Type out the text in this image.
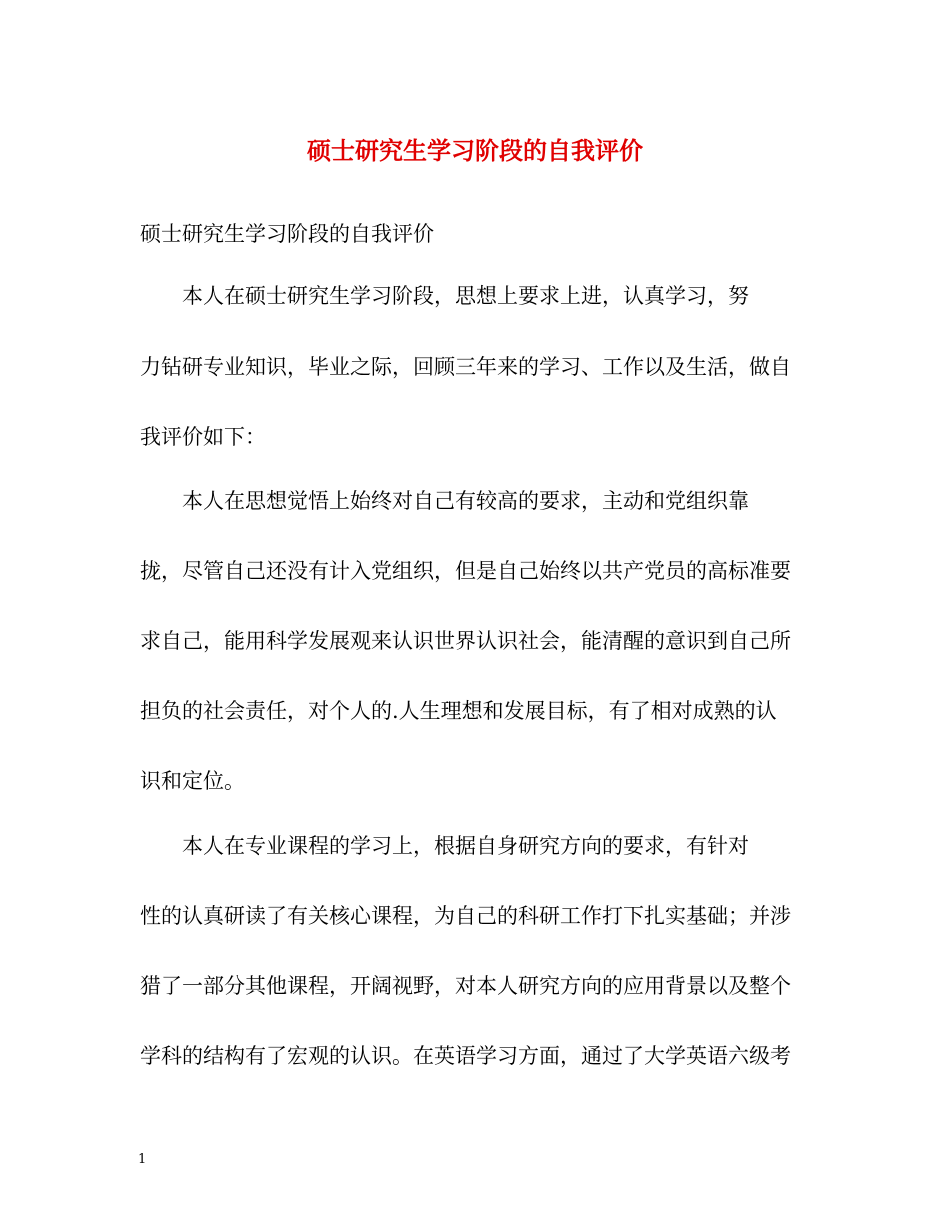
硕士研究生学习阶段的自我评价

硕士研究生学习阶段的自我评价

　　本人在硕士研究生学习阶段，思想上要求上进，认真学习，努

力钻研专业知识，毕业之际，回顾三年来的学习、工作以及生活，做自

我评价如下：

　　本人在思想觉悟上始终对自己有较高的要求，主动和党组织靠

拢，尽管自己还没有计入党组织，但是自己始终以共产党员的高标准要

求自己，能用科学发展观来认识世界认识社会，能清醒的意识到自己所

担负的社会责任，对个人的.人生理想和发展目标，有了相对成熟的认

识和定位。

　　本人在专业课程的学习上，根据自身研究方向的要求，有针对

性的认真研读了有关核心课程，为自己的科研工作打下扎实基础；并涉

猎了一部分其他课程，开阔视野，对本人研究方向的应用背景以及整个

学科的结构有了宏观的认识。在英语学习方面，通过了大学英语六级考

1
